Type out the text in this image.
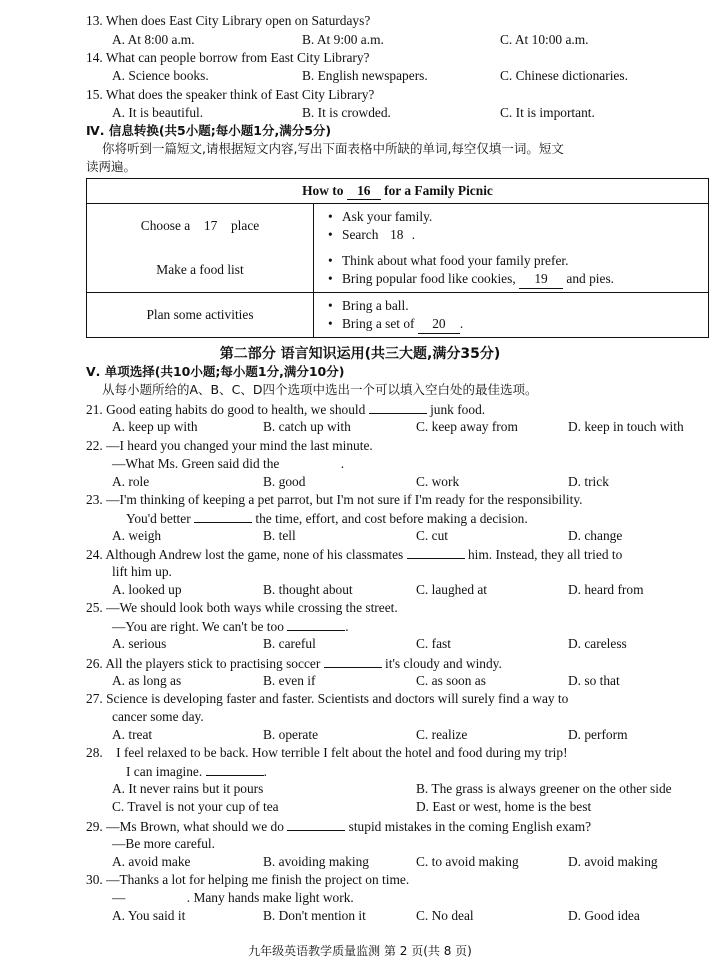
13. When does East City Library open on Saturdays?
A. At 8:00 a.m.	B. At 9:00 a.m.	C. At 10:00 a.m.
14. What can people borrow from East City Library?
A. Science books.	B. English newspapers.	C. Chinese dictionaries.
15. What does the speaker think of East City Library?
A. It is beautiful.	B. It is crowded.	C. It is important.
Ⅳ. 信息转换(共5小题;每小题1分,满分5分)
你将听到一篇短文,请根据短文内容,写出下面表格中所缺的单词,每空仅填一词。短文
读两遍。
How to 16 for a Family Picnic	
Choose a 17 place	• Ask your family.
• Search 18 .

Make a food list	• Think about what food your family prefer.
• Bring popular food like cookies, 19 and pies.

Plan some activities	• Bring a ball.
• Bring a set of 20 .
第二部分 语言知识运用(共三大题,满分35分)
Ⅴ. 单项选择(共10小题;每小题1分,满分10分)
从每小题所给的A、B、C、D四个选项中选出一个可以填入空白处的最佳选项。
21. Good eating habits do good to health, we should	junk food.
A. keep up with	B. catch up with	C. keep away from	D. keep in touch with
22. —I heard you changed your mind the last minute.
—What Ms. Green said did the	.
A. role	B. good	C. work	D. trick
23. —I'm thinking of keeping a pet parrot, but I'm not sure if I'm ready for the responsibility.
You'd better	the time, effort, and cost before making a decision.
A. weigh	B. tell	C. cut	D. change
24. Although Andrew lost the game, none of his classmates	him. Instead, they all tried to
lift him up.
A. looked up	B. thought about	C. laughed at	D. heard from
25. —We should look both ways while crossing the street.
—You are right. We can't be too	.
A. serious	B. careful	C. fast	D. careless
26. All the players stick to practising soccer	it's cloudy and windy.
A. as long as	B. even if	C. as soon as	D. so that
27. Science is developing faster and faster. Scientists and doctors will surely find a way to
cancer some day.
A. treat	B. operate	C. realize	D. perform
28. I feel relaxed to be back. How terrible I felt about the hotel and food during my trip!
I can imagine.	.
A. It never rains but it pours	B. The grass is always greener on the other side
C. Travel is not your cup of tea	D. East or west, home is the best
29. —Ms Brown, what should we do	stupid mistakes in the coming English exam?
—Be more careful.
A. avoid make	B. avoiding making	C. to avoid making	D. avoid making
30. —Thanks a lot for helping me finish the project on time.
—	. Many hands make light work.
A. You said it	B. Don't mention it	C. No deal	D. Good idea
九年级英语教学质量监测 第 2 页(共 8 页)
